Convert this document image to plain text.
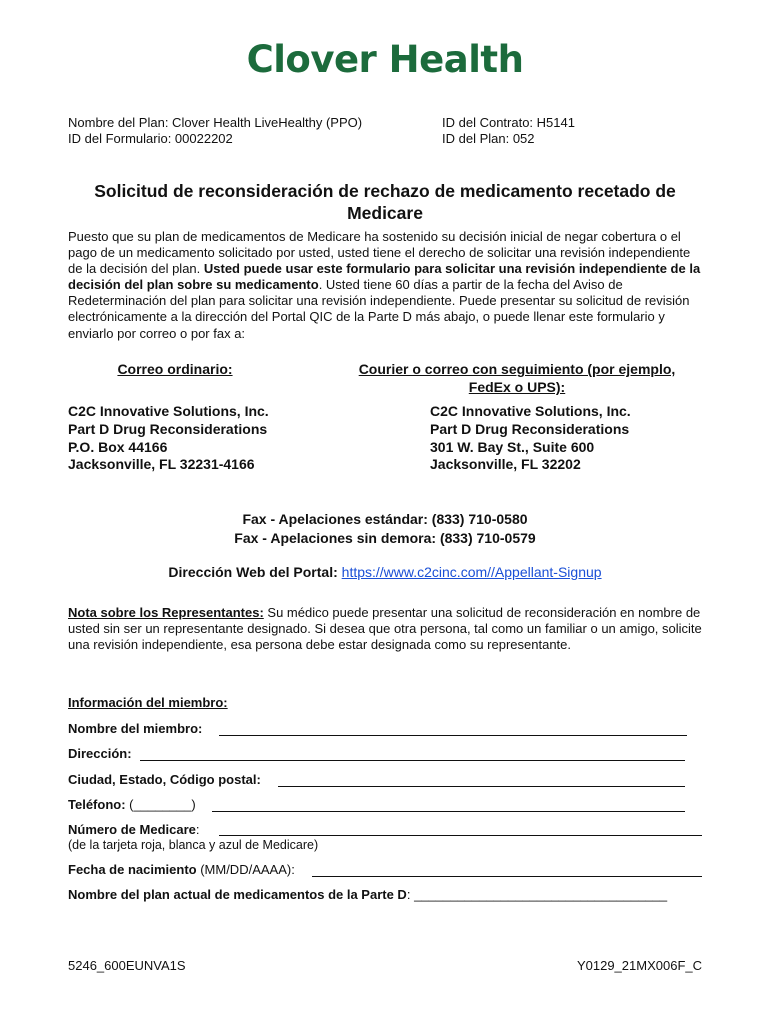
Clover Health
Nombre del Plan: Clover Health LiveHealthy (PPO)
ID del Formulario: 00022202
ID del Contrato: H5141
ID del Plan: 052
Solicitud de reconsideración de rechazo de medicamento recetado de
Medicare
Puesto que su plan de medicamentos de Medicare ha sostenido su decisión inicial de negar cobertura o el pago de un medicamento solicitado por usted, usted tiene el derecho de solicitar una revisión independiente de la decisión del plan. Usted puede usar este formulario para solicitar una revisión independiente de la decisión del plan sobre su medicamento. Usted tiene 60 días a partir de la fecha del Aviso de Redeterminación del plan para solicitar una revisión independiente. Puede presentar su solicitud de revisión electrónicamente a la dirección del Portal QIC de la Parte D más abajo, o puede llenar este formulario y enviarlo por correo o por fax a:
Correo ordinario:	Courier o correo con seguimiento (por ejemplo,
FedEx o UPS):
C2C Innovative Solutions, Inc.
Part D Drug Reconsiderations
P.O. Box 44166
Jacksonville, FL 32231-4166
C2C Innovative Solutions, Inc.
Part D Drug Reconsiderations
301 W. Bay St., Suite 600
Jacksonville, FL 32202
Fax - Apelaciones estándar: (833) 710-0580
Fax - Apelaciones sin demora: (833) 710-0579
Dirección Web del Portal: https://www.c2cinc.com//Appellant-Signup
Nota sobre los Representantes: Su médico puede presentar una solicitud de reconsideración en nombre de usted sin ser un representante designado. Si desea que otra persona, tal como un familiar o un amigo, solicite una revisión independiente, esa persona debe estar designada como su representante.
Información del miembro:
Nombre del miembro:
Dirección:
Ciudad, Estado, Código postal:
Teléfono: (________)
Número de Medicare:
(de la tarjeta roja, blanca y azul de Medicare)
Fecha de nacimiento (MM/DD/AAAA):
Nombre del plan actual de medicamentos de la Parte D: ___________________________________
5246_600EUNVA1S	Y0129_21MX006F_C
